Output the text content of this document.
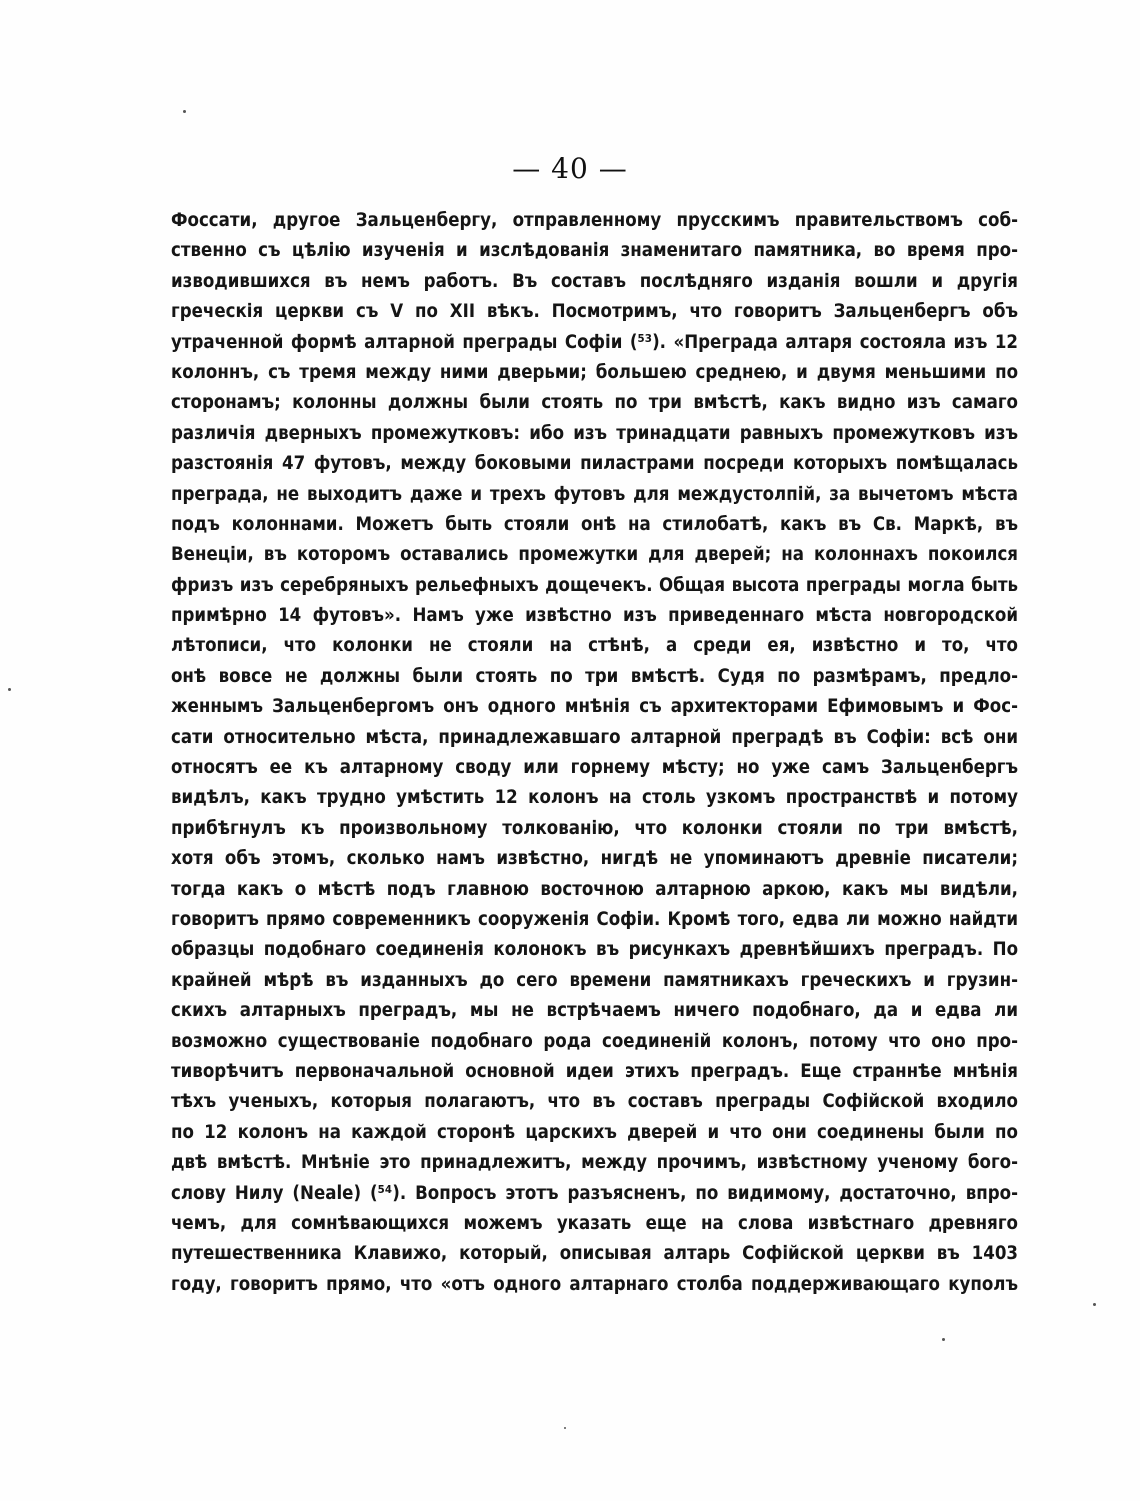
— 40 —
Фоссати, другое Зальценбергу, отправленному прусскимъ правительствомъ соб-
ственно съ цѣлію изученія и изслѣдованія знаменитаго памятника, во время про-
изводившихся въ немъ работъ. Въ составъ послѣдняго изданія вошли и другія
греческія церкви съ V по XII вѣкъ. Посмотримъ, что говоритъ Зальценбергъ объ
утраченной формѣ алтарной преграды Софіи (⁵³). «Преграда алтаря состояла изъ 12
колоннъ, съ тремя между ними дверьми; большею среднею, и двумя меньшими по
сторонамъ; колонны должны были стоять по три вмѣстѣ, какъ видно изъ самаго
различія дверныхъ промежутковъ: ибо изъ тринадцати равныхъ промежутковъ изъ
разстоянія 47 футовъ, между боковыми пиластрами посреди которыхъ помѣщалась
преграда, не выходитъ даже и трехъ футовъ для междустолпій, за вычетомъ мѣста
подъ колоннами. Можетъ быть стояли онѣ на стилобатѣ, какъ въ Св. Маркѣ, въ
Венеціи, въ которомъ оставались промежутки для дверей; на колоннахъ покоился
фризъ изъ серебряныхъ рельефныхъ дощечекъ. Общая высота преграды могла быть
примѣрно 14 футовъ». Намъ уже извѣстно изъ приведеннаго мѣста новгородской
лѣтописи, что колонки не стояли на стѣнѣ, а среди ея, извѣстно и то, что
онѣ вовсе не должны были стоять по три вмѣстѣ. Судя по размѣрамъ, предло-
женнымъ Зальценбергомъ онъ одного мнѣнія съ архитекторами Ефимовымъ и Фос-
сати относительно мѣста, принадлежавшаго алтарной преградѣ въ Софіи: всѣ они
относятъ ее къ алтарному своду или горнему мѣсту; но уже самъ Зальценбергъ
видѣлъ, какъ трудно умѣстить 12 колонъ на столь узкомъ пространствѣ и потому
прибѣгнулъ къ произвольному толкованію, что колонки стояли по три вмѣстѣ,
хотя объ этомъ, сколько намъ извѣстно, нигдѣ не упоминаютъ древніе писатели;
тогда какъ о мѣстѣ подъ главною восточною алтарною аркою, какъ мы видѣли,
говоритъ прямо современникъ сооруженія Софіи. Кромѣ того, едва ли можно найдти
образцы подобнаго соединенія колонокъ въ рисункахъ древнѣйшихъ преградъ. По
крайней мѣрѣ въ изданныхъ до сего времени памятникахъ греческихъ и грузин-
скихъ алтарныхъ преградъ, мы не встрѣчаемъ ничего подобнаго, да и едва ли
возможно существованіе подобнаго рода соединеній колонъ, потому что оно про-
тиворѣчитъ первоначальной основной идеи этихъ преградъ. Еще страннѣе мнѣнія
тѣхъ ученыхъ, которыя полагаютъ, что въ составъ преграды Софійской входило
по 12 колонъ на каждой сторонѣ царскихъ дверей и что они соединены были по
двѣ вмѣстѣ. Мнѣніе это принадлежитъ, между прочимъ, извѣстному ученому бого-
слову Нилу (Neale) (⁵⁴). Вопросъ этотъ разъясненъ, по видимому, достаточно, впро-
чемъ, для сомнѣвающихся можемъ указать еще на слова извѣстнаго древняго
путешественника Клавижо, который, описывая алтарь Софійской церкви въ 1403
году, говоритъ прямо, что «отъ одного алтарнаго столба поддерживающаго куполъ
